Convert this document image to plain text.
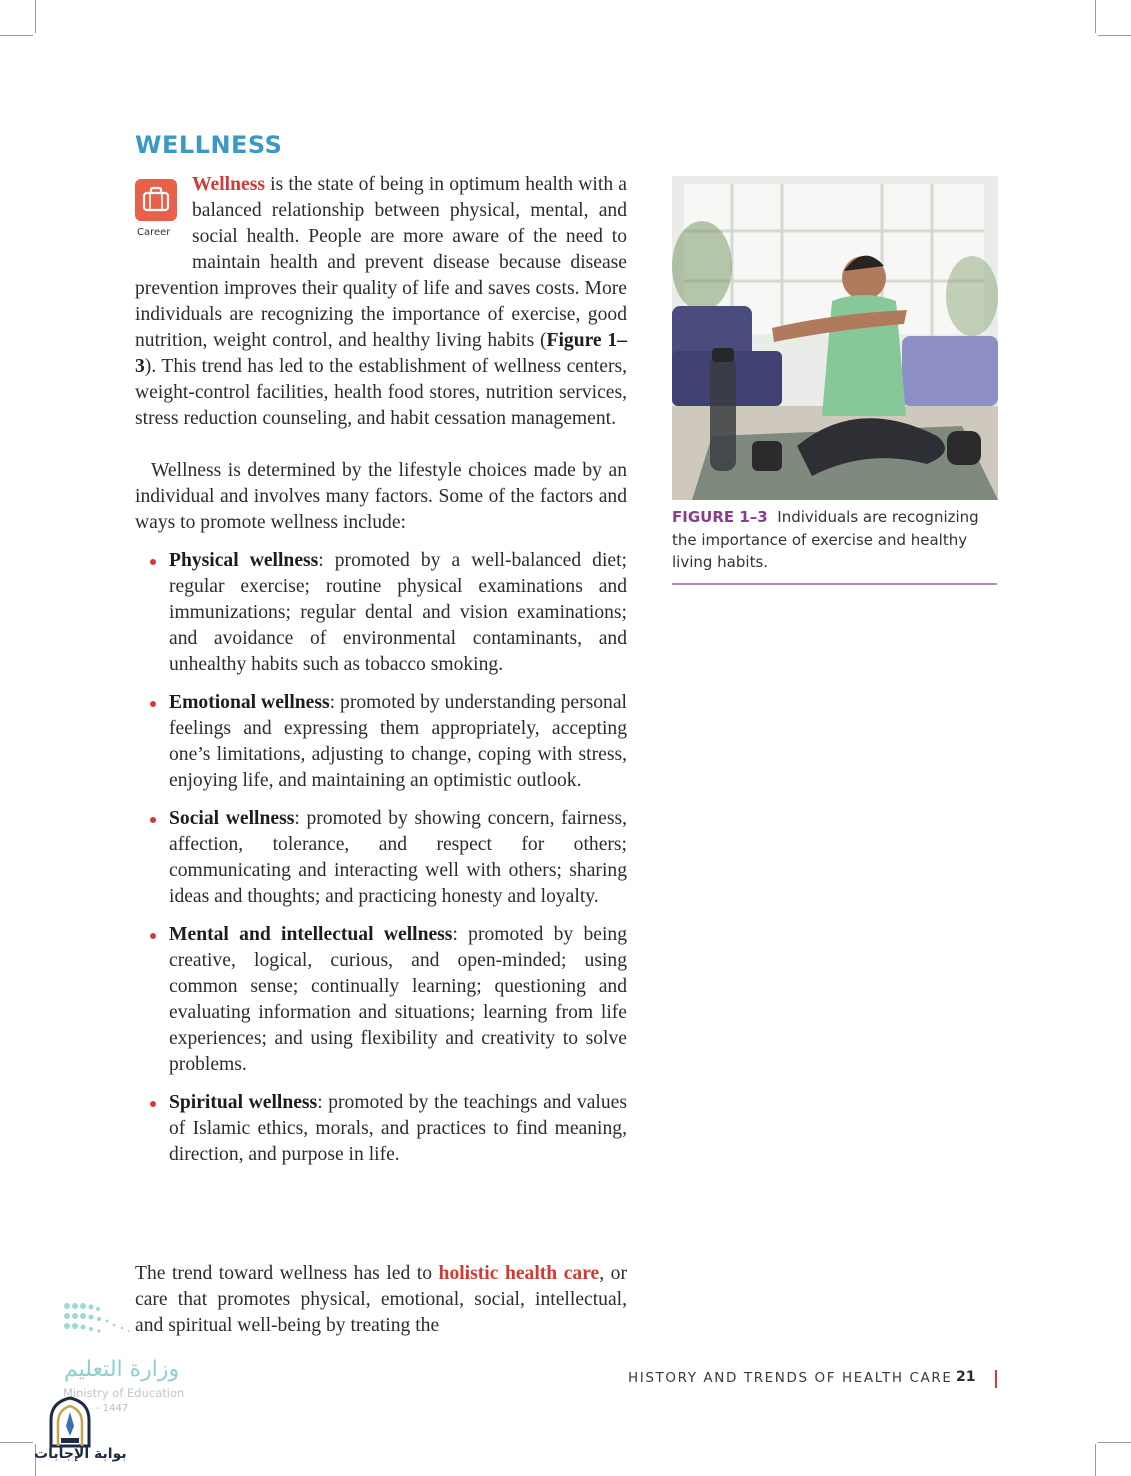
WELLNESS
Career
Wellness is the state of being in optimum health with a balanced relationship between physical, mental, and social health. People are more aware of the need to maintain health and prevent disease because disease prevention improves their quality of life and saves costs. More individuals are recognizing the importance of exercise, good nutrition, weight control, and healthy living habits (Figure 1–3). This trend has led to the establishment of wellness centers, weight-control facilities, health food stores, nutrition services, stress reduction counseling, and habit cessation management.
Wellness is determined by the lifestyle choices made by an individual and involves many factors. Some of the factors and ways to promote wellness include:
Physical wellness: promoted by a well-balanced diet; regular exercise; routine physical examinations and immunizations; regular dental and vision examinations; and avoidance of environmental contaminants, and unhealthy habits such as tobacco smoking.
Emotional wellness: promoted by understanding personal feelings and expressing them appropriately, accepting one’s limitations, adjusting to change, coping with stress, enjoying life, and maintaining an optimistic outlook.
Social wellness: promoted by showing concern, fairness, affection, tolerance, and respect for others; communicating and interacting well with others; sharing ideas and thoughts; and practicing honesty and loyalty.
Mental and intellectual wellness: promoted by being creative, logical, curious, and open-minded; using common sense; continually learning; questioning and evaluating information and situations; learning from life experiences; and using flexibility and creativity to solve problems.
Spiritual wellness: promoted by the teachings and values of Islamic ethics, morals, and practices to find meaning, direction, and purpose in life.
The trend toward wellness has led to holistic health care, or care that promotes physical, emotional, social, intellectual, and spiritual well-being by treating the
FIGURE 1–3 Individuals are recognizing the importance of exercise and healthy living habits.
HISTORY AND TRENDS OF HEALTH CARE 21
وزارة التعليم
Ministry of Education
- 1447
بوابة الإجابات
